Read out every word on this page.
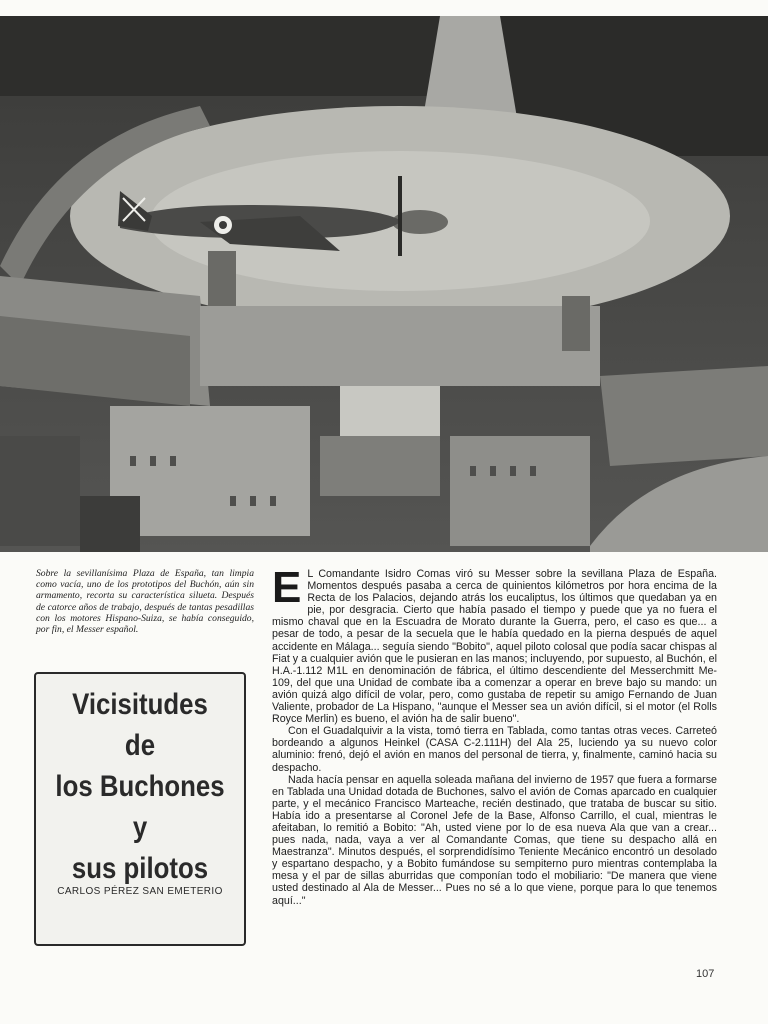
Sobre la sevillanísima Plaza de España, tan limpia como vacía, uno de los prototipos del Buchón, aún sin armamento, recorta su característica silueta. Después de catorce años de trabajo, después de tantas pesadillas con los motores Hispano-Suiza, se había conseguido, por fin, el Messer español.

Vicisitudes
de
los Buchones
y
sus pilotos

CARLOS PÉREZ SAN EMETERIO

E L Comandante Isidro Comas viró su Messer sobre la sevillana Plaza de España. Momentos después pasaba a cerca de quinientos kilómetros por hora encima de la Recta de los Palacios, dejando atrás los eucaliptus, los últimos que quedaban ya en pie, por desgracia. Cierto que había pasado el tiempo y puede que ya no fuera el mismo chaval que en la Escuadra de Morato durante la Guerra, pero, el caso es que... a pesar de todo, a pesar de la secuela que le había quedado en la pierna después de aquel accidente en Málaga... seguía siendo "Bobito", aquel piloto colosal que podía sacar chispas al Fiat y a cualquier avión que le pusieran en las manos; incluyendo, por supuesto, al Buchón, el H.A.-1.112 M1L en denominación de fábrica, el último descendiente del Messerchmitt Me-109, del que una Unidad de combate iba a comenzar a operar en breve bajo su mando: un avión quizá algo difícil de volar, pero, como gustaba de repetir su amigo Fernando de Juan Valiente, probador de La Hispano, "aunque el Messer sea un avión difícil, si el motor (el Rolls Royce Merlin) es bueno, el avión ha de salir bueno".

Con el Guadalquivir a la vista, tomó tierra en Tablada, como tantas otras veces. Carreteó bordeando a algunos Heinkel (CASA C-2.111H) del Ala 25, luciendo ya su nuevo color aluminio: frenó, dejó el avión en manos del personal de tierra, y, finalmente, caminó hacia su despacho.

Nada hacía pensar en aquella soleada mañana del invierno de 1957 que fuera a formarse en Tablada una Unidad dotada de Buchones, salvo el avión de Comas aparcado en cualquier parte, y el mecánico Francisco Marteache, recién destinado, que trataba de buscar su sitio. Había ido a presentarse al Coronel Jefe de la Base, Alfonso Carrillo, el cual, mientras le afeitaban, lo remitió a Bobito: "Ah, usted viene por lo de esa nueva Ala que van a crear... pues nada, nada, vaya a ver al Comandante Comas, que tiene su despacho allá en Maestranza". Minutos después, el sorprendidísimo Teniente Mecánico encontró un desolado y espartano despacho, y a Bobito fumándose su sempiterno puro mientras contemplaba la mesa y el par de sillas aburridas que componían todo el mobiliario: "De manera que viene usted destinado al Ala de Messer... Pues no sé a lo que viene, porque para lo que tenemos aquí..."

107
